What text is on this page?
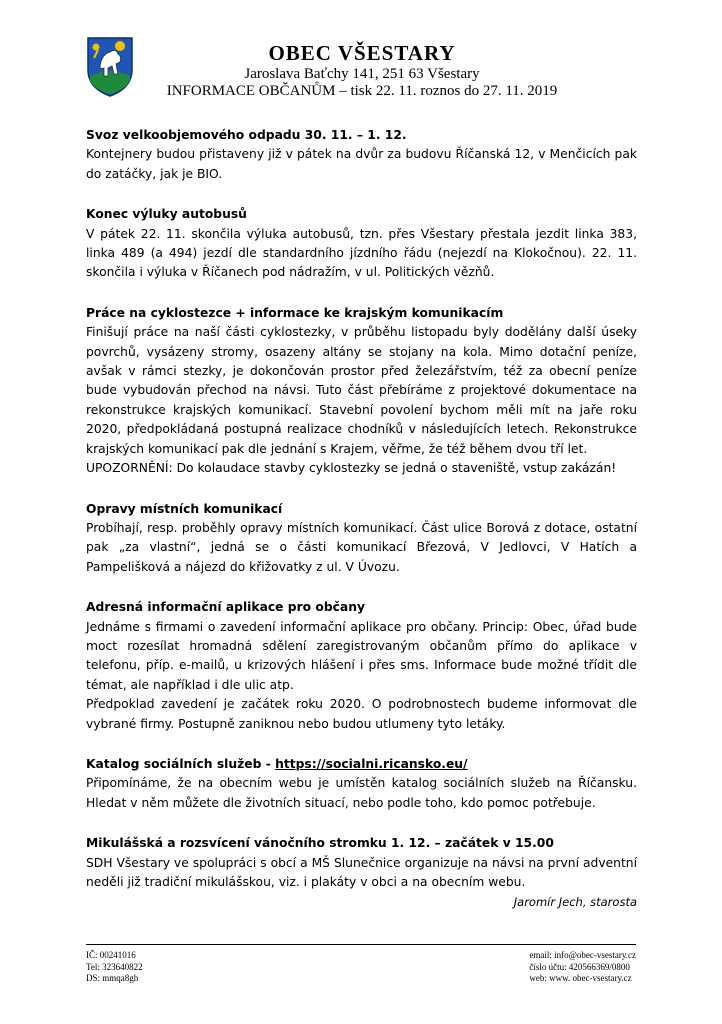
OBEC VŠESTARY
Jaroslava Baťchy 141, 251 63 Všestary
INFORMACE OBČANŮM – tisk 22. 11. roznos do 27. 11. 2019
Svoz velkoobjemového odpadu 30. 11. – 1. 12.

Kontejnery budou přistaveny již v pátek na dvůr za budovu Říčanská 12, v Menčicích pak do zatáčky, jak je BIO.

Konec výluky autobusů

V pátek 22. 11. skončila výluka autobusů, tzn. přes Všestary přestala jezdit linka 383, linka 489 (a 494) jezdí dle standardního jízdního řádu (nejezdí na Klokočnou). 22. 11. skončila i výluka v Říčanech pod nádražím, v ul. Politických vězňů.

Práce na cyklostezce + informace ke krajským komunikacím

Finišují práce na naší části cyklostezky, v průběhu listopadu byly dodělány další úseky povrchů, vysázeny stromy, osazeny altány se stojany na kola. Mimo dotační peníze, avšak v rámci stezky, je dokončován prostor před železářstvím, též za obecní peníze bude vybudován přechod na návsi. Tuto část přebíráme z projektové dokumentace na rekonstrukce krajských komunikací. Stavební povolení bychom měli mít na jaře roku 2020, předpokládaná postupná realizace chodníků v následujících letech. Rekonstrukce krajských komunikací pak dle jednání s Krajem, věřme, že též během dvou tří let.

UPOZORNĚNÍ: Do kolaudace stavby cyklostezky se jedná o staveniště, vstup zakázán!

Opravy místních komunikací

Probíhají, resp. proběhly opravy místních komunikací. Část ulice Borová z dotace, ostatní pak „za vlastní“, jedná se o části komunikací Březová, V Jedlovci, V Hatích a Pampelišková a nájezd do křižovatky z ul. V Úvozu.

Adresná informační aplikace pro občany

Jednáme s firmami o zavedení informační aplikace pro občany. Princip: Obec, úřad bude moct rozesílat hromadná sdělení zaregistrovaným občanům přímo do aplikace v telefonu, příp. e-mailů, u krizových hlášení i přes sms. Informace bude možné třídit dle témat, ale například i dle ulic atp.

Předpoklad zavedení je začátek roku 2020. O podrobnostech budeme informovat dle vybrané firmy. Postupně zaniknou nebo budou utlumeny tyto letáky.

Katalog sociálních služeb - https://socialni.ricansko.eu/

Připomínáme, že na obecním webu je umístěn katalog sociálních služeb na Říčansku. Hledat v něm můžete dle životních situací, nebo podle toho, kdo pomoc potřebuje.

Mikulášská a rozsvícení vánočního stromku 1. 12. – začátek v 15.00

SDH Všestary ve spolupráci s obcí a MŠ Slunečnice organizuje na návsi na první adventní neděli již tradiční mikulášskou, viz. i plakáty v obci a na obecním webu.

Jaromír Jech, starosta
IČ: 00241016
Tel: 323640822
DS: mmqa8gh
email: info@obec-vsestary.cz
číslo účtu: 420566369/0800
web: www. obec-vsestary.cz
